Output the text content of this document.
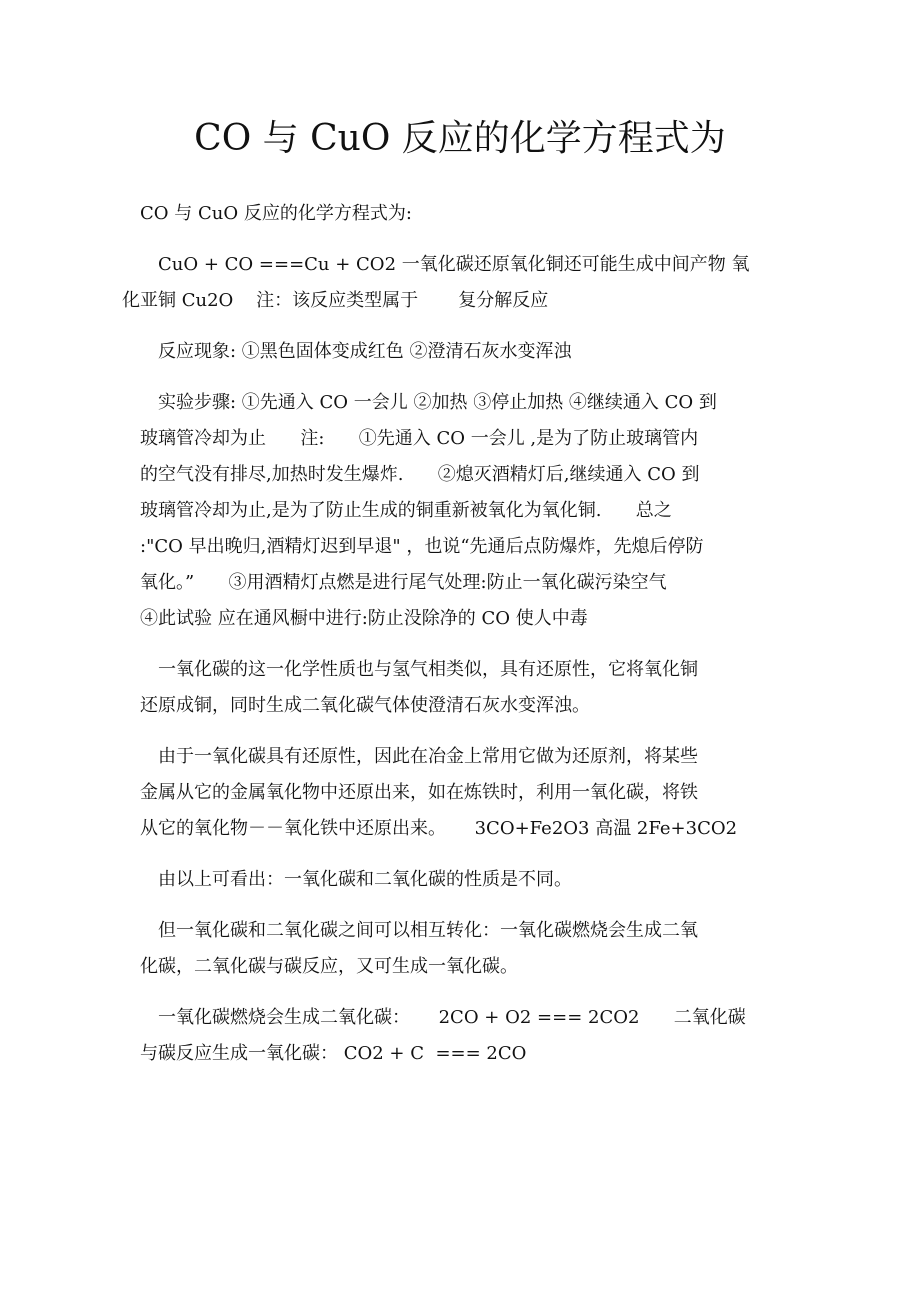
CO 与 CuO 反应的化学方程式为

CO 与 CuO 反应的化学方程式为:

CuO + CO ===Cu + CO2 一氧化碳还原氧化铜还可能生成中间产物 氧
化亚铜 Cu2O    注：该反应类型属于       复分解反应

反应现象: ①黑色固体变成红色 ②澄清石灰水变浑浊

实验步骤: ①先通入 CO 一会儿 ②加热 ③停止加热 ④继续通入 CO 到
玻璃管冷却为止      注:      ①先通入 CO 一会儿 ,是为了防止玻璃管内
的空气没有排尽,加热时发生爆炸.      ②熄灭酒精灯后,继续通入 CO 到
玻璃管冷却为止,是为了防止生成的铜重新被氧化为氧化铜.      总之
:"CO 早出晚归,酒精灯迟到早退" ，也说“先通后点防爆炸，先熄后停防
氧化。”      ③用酒精灯点燃是进行尾气处理:防止一氧化碳污染空气
④此试验 应在通风橱中进行:防止没除净的 CO 使人中毒

一氧化碳的这一化学性质也与氢气相类似，具有还原性，它将氧化铜
还原成铜，同时生成二氧化碳气体使澄清石灰水变浑浊。

由于一氧化碳具有还原性，因此在冶金上常用它做为还原剂，将某些
金属从它的金属氧化物中还原出来，如在炼铁时，利用一氧化碳，将铁
从它的氧化物－－氧化铁中还原出来。     3CO+Fe2O3 高温 2Fe+3CO2

由以上可看出：一氧化碳和二氧化碳的性质是不同。

但一氧化碳和二氧化碳之间可以相互转化：一氧化碳燃烧会生成二氧
化碳，二氧化碳与碳反应，又可生成一氧化碳。

一氧化碳燃烧会生成二氧化碳：     2CO + O2 === 2CO2      二氧化碳
与碳反应生成一氧化碳： CO2 + C  === 2CO
